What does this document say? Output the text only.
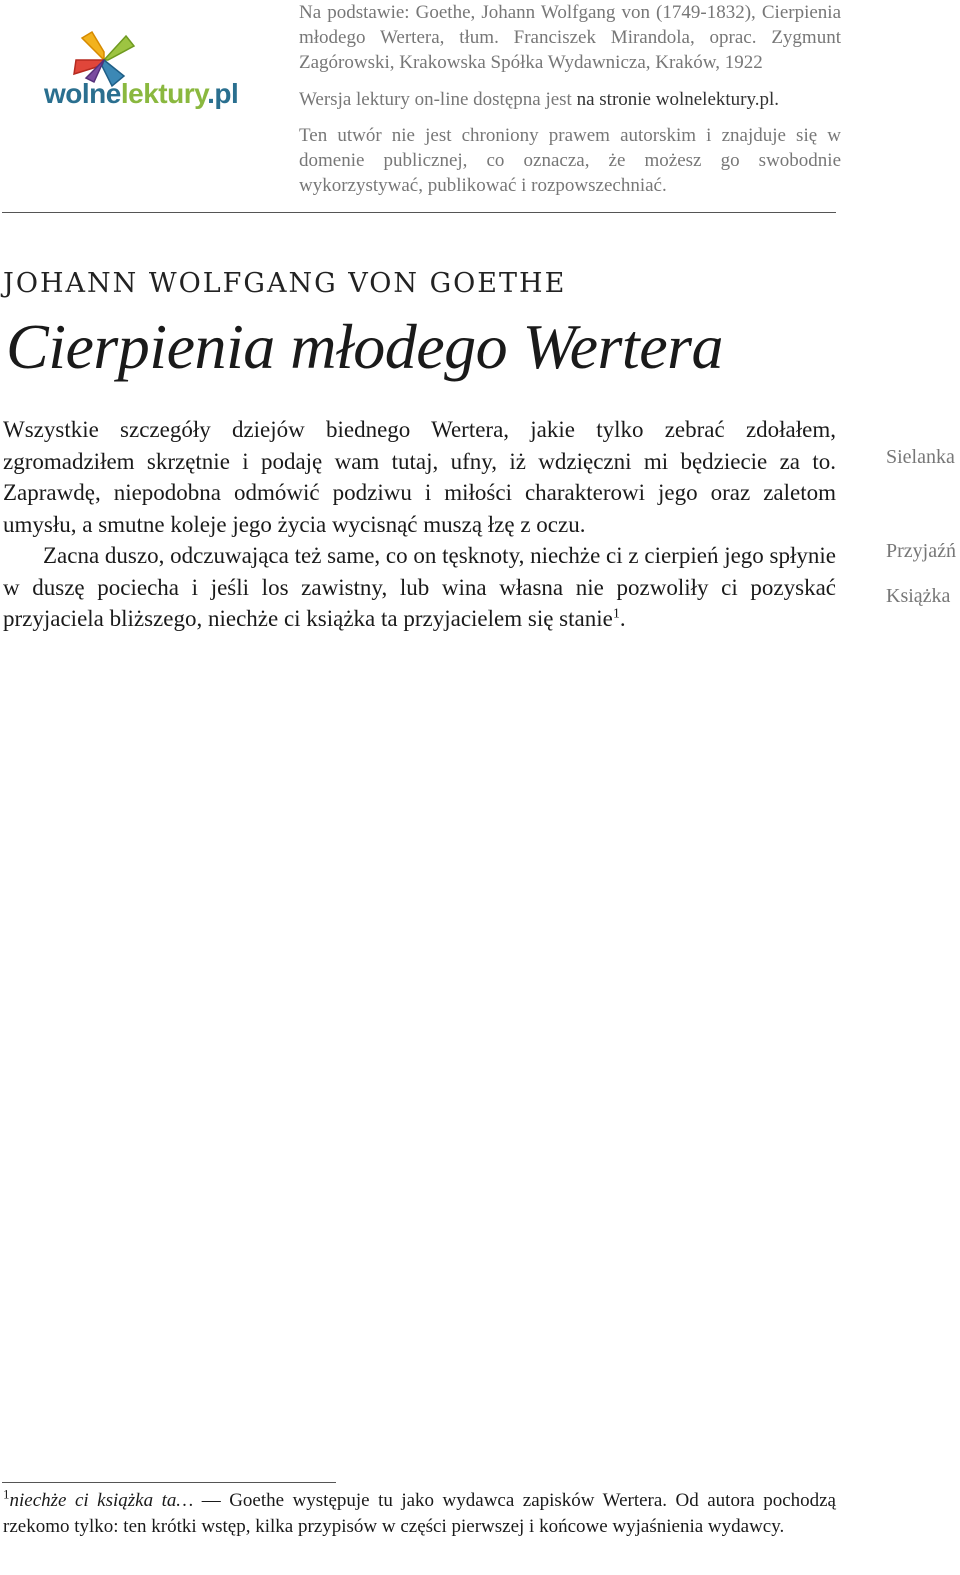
wolnelektury.pl

Na podstawie: Goethe, Johann Wolfgang von (1749-1832), Cierpienia młodego Wertera, tłum. Franciszek Mirandola, oprac. Zygmunt Zagórowski, Krakowska Spółka Wydawnicza, Kraków, 1922

Wersja lektury on-line dostępna jest na stronie wolnelektury.pl.

Ten utwór nie jest chroniony prawem autorskim i znajduje się w domenie publicznej, co oznacza, że możesz go swobodnie wykorzystywać, publikować i rozpowszechniać.

JOHANN WOLFGANG VON GOETHE
Cierpienia młodego Wertera

Wszystkie szczegóły dziejów biednego Wertera, jakie tylko zebrać zdołałem, zgromadziłem skrzętnie i podaję wam tutaj, ufny, iż wdzięczni mi będziecie za to. Zaprawdę, niepodobna odmówić podziwu i miłości charakterowi jego oraz zaletom umysłu, a smutne koleje jego życia wycisnąć muszą łzę z oczu.

Zacna duszo, odczuwająca też same, co on tęsknoty, niechże ci z cierpień jego spłynie w duszę pociecha i jeśli los zawistny, lub wina własna nie pozwoliły ci pozyskać przyjaciela bliższego, niechże ci książka ta przyjacielem się stanie$^1$.

Sielanka
Przyjaźń
Książka
$^1$niechże ci książka ta… — Goethe występuje tu jako wydawca zapisków Wertera. Od autora pochodzą rzekomo tylko: ten krótki wstęp, kilka przypisów w części pierwszej i końcowe wyjaśnienia wydawcy.
